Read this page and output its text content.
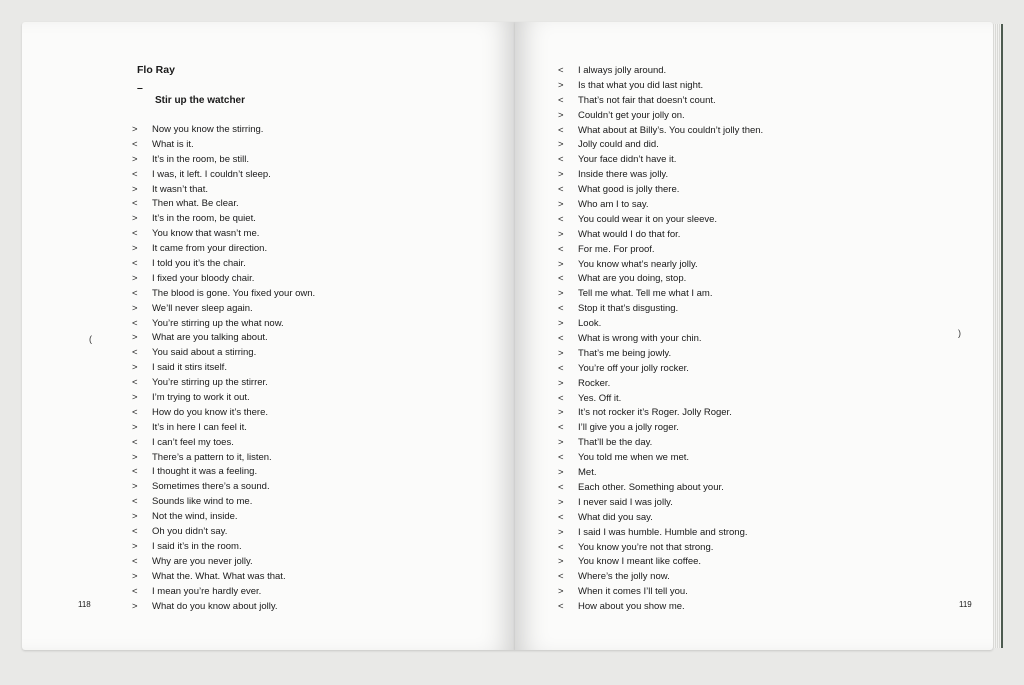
Flo Ray
–
Stir up the watcher
> Now you know the stirring.
< What is it.
> It’s in the room, be still.
< I was, it left. I couldn’t sleep.
> It wasn’t that.
< Then what. Be clear.
> It’s in the room, be quiet.
< You know that wasn’t me.
> It came from your direction.
< I told you it’s the chair.
> I fixed your bloody chair.
< The blood is gone. You fixed your own.
> We’ll never sleep again.
< You’re stirring up the what now.
> What are you talking about.
< You said about a stirring.
> I said it stirs itself.
< You’re stirring up the stirrer.
> I’m trying to work it out.
< How do you know it’s there.
> It’s in here I can feel it.
< I can’t feel my toes.
> There’s a pattern to it, listen.
< I thought it was a feeling.
> Sometimes there’s a sound.
< Sounds like wind to me.
> Not the wind, inside.
< Oh you didn’t say.
> I said it’s in the room.
< Why are you never jolly.
> What the. What. What was that.
< I mean you’re hardly ever.
> What do you know about jolly.
(
118
< I always jolly around.
> Is that what you did last night.
< That’s not fair that doesn’t count.
> Couldn’t get your jolly on.
< What about at Billy’s. You couldn’t jolly then.
> Jolly could and did.
< Your face didn’t have it.
> Inside there was jolly.
< What good is jolly there.
> Who am I to say.
< You could wear it on your sleeve.
> What would I do that for.
< For me. For proof.
> You know what’s nearly jolly.
< What are you doing, stop.
> Tell me what. Tell me what I am.
< Stop it that’s disgusting.
> Look.
< What is wrong with your chin.
> That’s me being jowly.
< You’re off your jolly rocker.
> Rocker.
< Yes. Off it.
> It’s not rocker it’s Roger. Jolly Roger.
< I’ll give you a jolly roger.
> That’ll be the day.
< You told me when we met.
> Met.
< Each other. Something about your.
> I never said I was jolly.
< What did you say.
> I said I was humble. Humble and strong.
< You know you’re not that strong.
> You know I meant like coffee.
< Where’s the jolly now.
> When it comes I’ll tell you.
< How about you show me.
)
119
